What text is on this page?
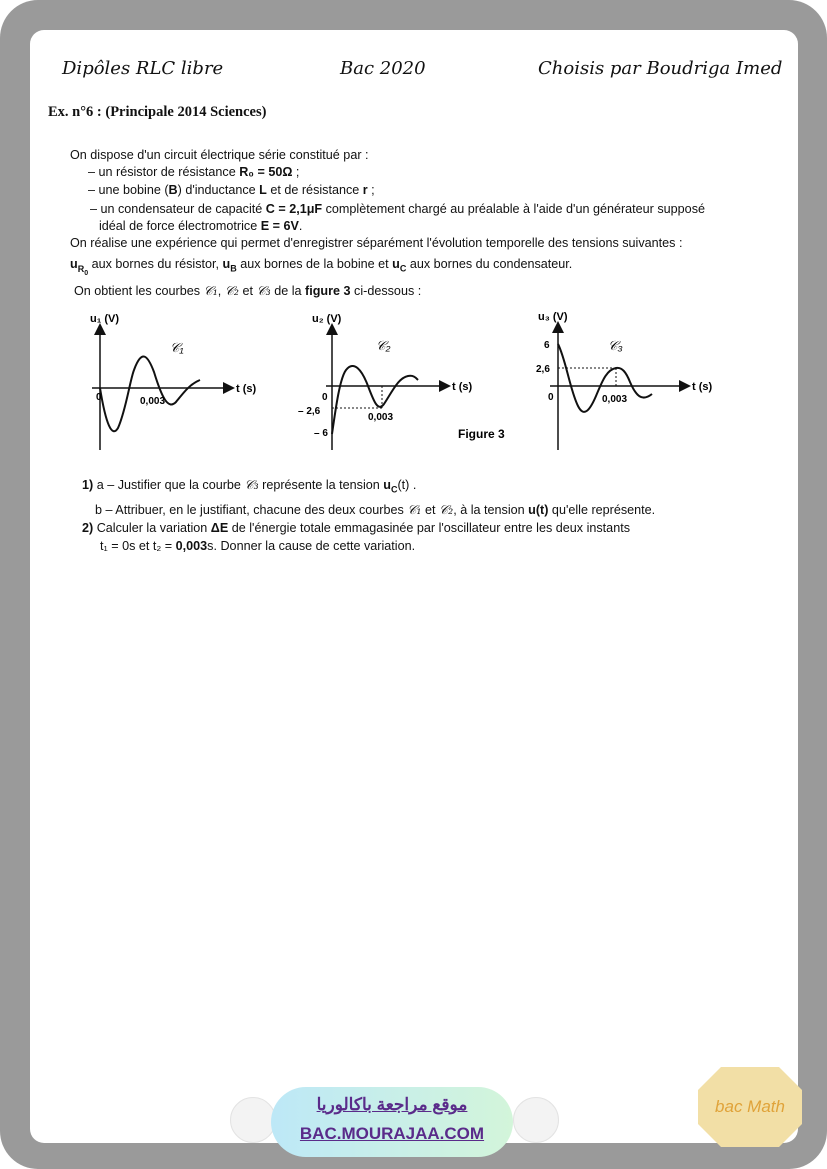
Dipôles RLC libre	Bac 2020	Choisis par Boudriga Imed
Ex. n°6 : (Principale 2014 Sciences)
On dispose d'un circuit électrique série constitué par :
– un résistor de résistance R₀ = 50Ω ;
– une bobine (B) d'inductance L et de résistance r ;
– un condensateur de capacité C = 2,1μF complètement chargé au préalable à l'aide d'un générateur supposé
idéal de force électromotrice E = 6V.
On réalise une expérience qui permet d'enregistrer séparément l'évolution temporelle des tensions suivantes :
$u_{R_0}$ aux bornes du résistor, $u_B$ aux bornes de la bobine et $u_C$ aux bornes du condensateur.
On obtient les courbes 𝒞₁, 𝒞₂ et 𝒞₃ de la figure 3 ci-dessous :
u₁ (V)
t (s)
𝒞₁
0	0,003
u₂ (V)
t (s)
𝒞₂
0
– 2,6
– 6
0,003
Figure 3
u₃ (V)
t (s)
𝒞₃
6
2,6
0	0,003
1) a – Justifier que la courbe 𝒞₃ représente la tension $u_C(t)$ .
b – Attribuer, en le justifiant, chacune des deux courbes 𝒞₁ et 𝒞₂, à la tension u(t) qu'elle représente.
2) Calculer la variation ΔE de l'énergie totale emmagasinée par l'oscillateur entre les deux instants
t₁ = 0s et t₂ = 0,003s. Donner la cause de cette variation.
موقع مراجعة باكالوريا
BAC.MOURAJAA.COM
bac Math
